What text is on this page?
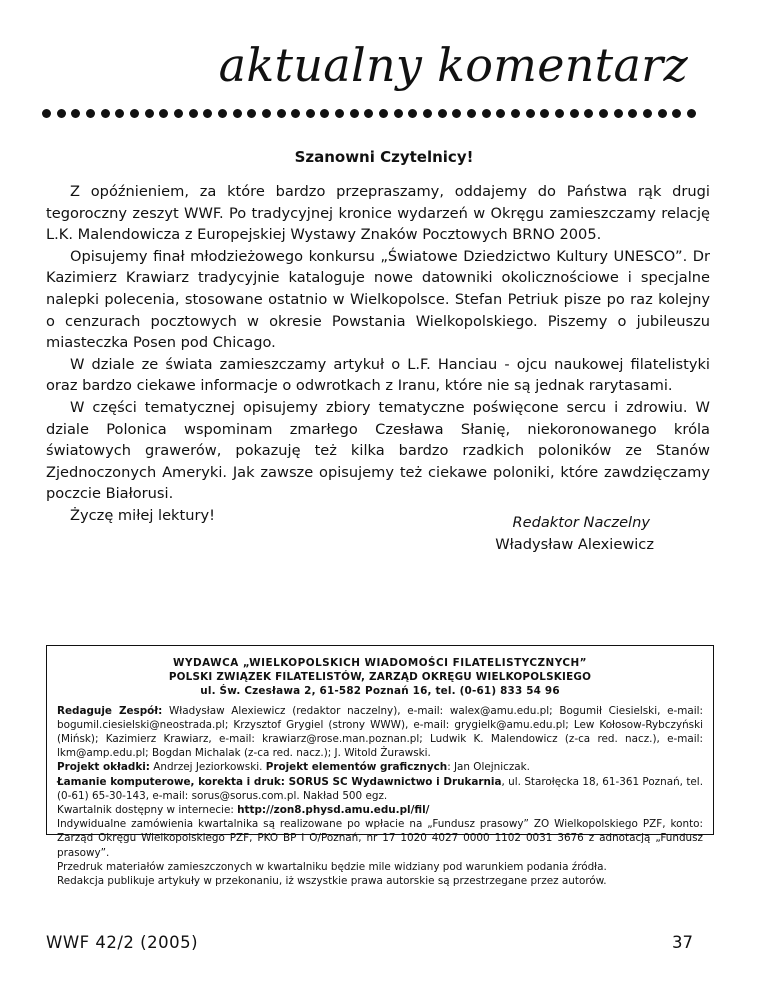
aktualny komentarz

Szanowni Czytelnicy!

Z opóźnieniem, za które bardzo przepraszamy, oddajemy do Państwa rąk drugi tegoroczny zeszyt WWF. Po tradycyjnej kronice wydarzeń w Okręgu zamieszczamy relację L.K. Malendowicza z Europejskiej Wystawy Znaków Pocztowych BRNO 2005.

Opisujemy finał młodzieżowego konkursu „Światowe Dziedzictwo Kultury UNESCO”. Dr Kazimierz Krawiarz tradycyjnie kataloguje nowe datowniki okolicznościowe i specjalne nalepki polecenia, stosowane ostatnio w Wielkopolsce. Stefan Petriuk pisze po raz kolejny o cenzurach pocztowych w okresie Powstania Wielkopolskiego. Piszemy o jubileuszu miasteczka Posen pod Chicago.

W dziale ze świata zamieszczamy artykuł o L.F. Hanciau - ojcu naukowej filatelistyki oraz bardzo ciekawe informacje o odwrotkach z Iranu, które nie są jednak rarytasami.

W części tematycznej opisujemy zbiory tematyczne poświęcone sercu i zdrowiu. W dziale Polonica wspominam zmarłego Czesława Słanię, niekoronowanego króla światowych grawerów, pokazuję też kilka bardzo rzadkich poloników ze Stanów Zjednoczonych Ameryki. Jak zawsze opisujemy też ciekawe poloniki, które zawdzięczamy poczcie Białorusi.

Życzę miłej lektury!	Redaktor Naczelny
Władysław Alexiewicz
WYDAWCA „WIELKOPOLSKICH WIADOMOŚCI FILATELISTYCZNYCH”
POLSKI ZWIĄZEK FILATELISTÓW, ZARZĄD OKRĘGU WIELKOPOLSKIEGO
ul. Św. Czesława 2, 61-582 Poznań 16, tel. (0-61) 833 54 96

Redaguje Zespół: Władysław Alexiewicz (redaktor naczelny), e-mail: walex@amu.edu.pl; Bogumił Ciesielski, e-mail: bogumil.ciesielski@neostrada.pl; Krzysztof Grygiel (strony WWW), e-mail: grygielk@amu.edu.pl; Lew Kołosow-Rybczyński (Mińsk); Kazimierz Krawiarz, e-mail: krawiarz@rose.man.poznan.pl; Ludwik K. Malendowicz (z-ca red. nacz.), e-mail: lkm@amp.edu.pl; Bogdan Michalak (z-ca red. nacz.); J. Witold Żurawski.

Projekt okładki: Andrzej Jeziorkowski. Projekt elementów graficznych: Jan Olejniczak.

Łamanie komputerowe, korekta i druk: SORUS SC Wydawnictwo i Drukarnia, ul. Starołęcka 18, 61-361 Poznań, tel. (0-61) 65-30-143, e-mail: sorus@sorus.com.pl. Nakład 500 egz.

Kwartalnik dostępny w internecie: http://zon8.physd.amu.edu.pl/fil/

Indywidualne zamówienia kwartalnika są realizowane po wpłacie na „Fundusz prasowy” ZO Wielkopolskiego PZF, konto: Zarząd Okręgu Wielkopolskiego PZF, PKO BP I O/Poznań, nr 17 1020 4027 0000 1102 0031 3676 z adnotacją „Fundusz prasowy”.

Przedruk materiałów zamieszczonych w kwartalniku będzie mile widziany pod warunkiem podania źródła.

Redakcja publikuje artykuły w przekonaniu, iż wszystkie prawa autorskie są przestrzegane przez autorów.

WWF 42/2 (2005)	37
